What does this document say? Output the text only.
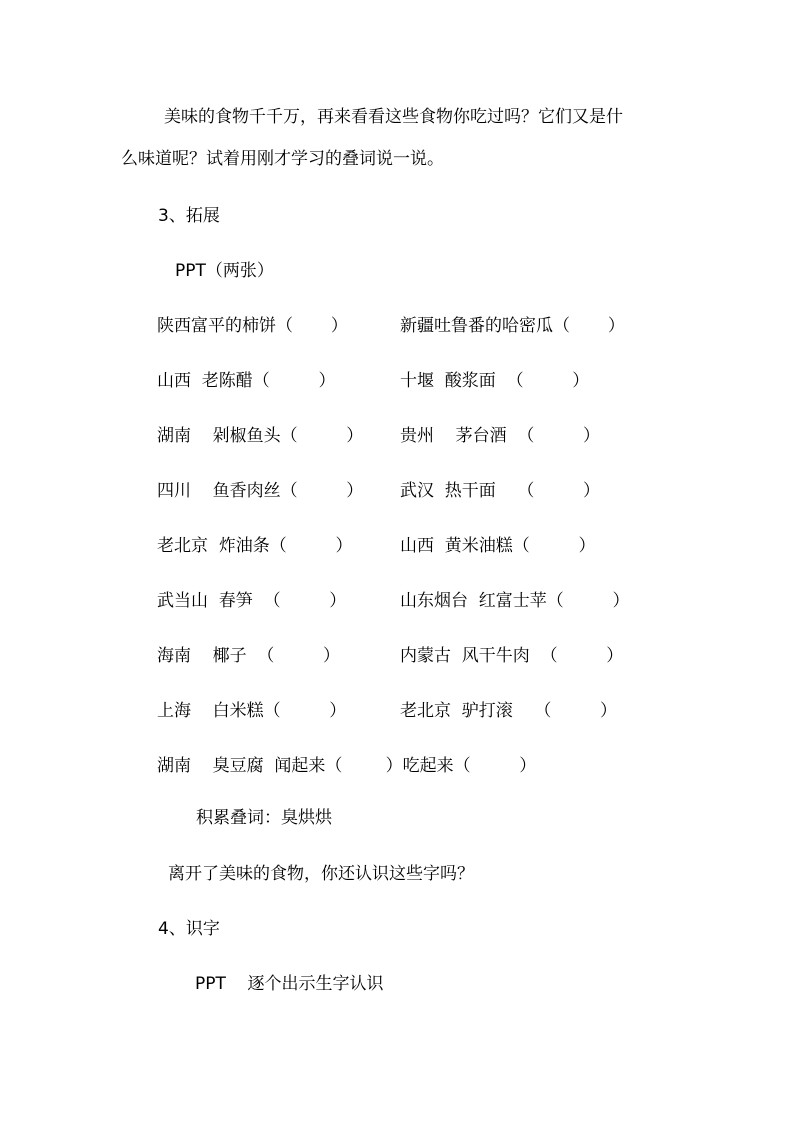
美味的食物千千万，再来看看这些食物你吃过吗？它们又是什
么味道呢？试着用刚才学习的叠词说一说。
3、拓展
PPT（两张）
陕西富平的柿饼（       ）	新疆吐鲁番的哈密瓜（       ）
山西  老陈醋（         ）	十堰  酸浆面  （         ）
湖南    剁椒鱼头（         ） 贵州    茅台酒  （         ）
四川    鱼香肉丝（         ） 武汉  热干面    （         ）
老北京  炸油条（         ）	山西  黄米油糕（         ）
武当山  春笋  （         ）	山东烟台  红富士苹（         ）
海南    椰子  （         ）	内蒙古  风干牛肉  （         ）
上海    白米糕（         ）	老北京  驴打滚    （         ）
湖南    臭豆腐  闻起来（        ）吃起来（         ）
积累叠词：臭烘烘
离开了美味的食物，你还认识这些字吗？
4、识字
PPT    逐个出示生字认识
